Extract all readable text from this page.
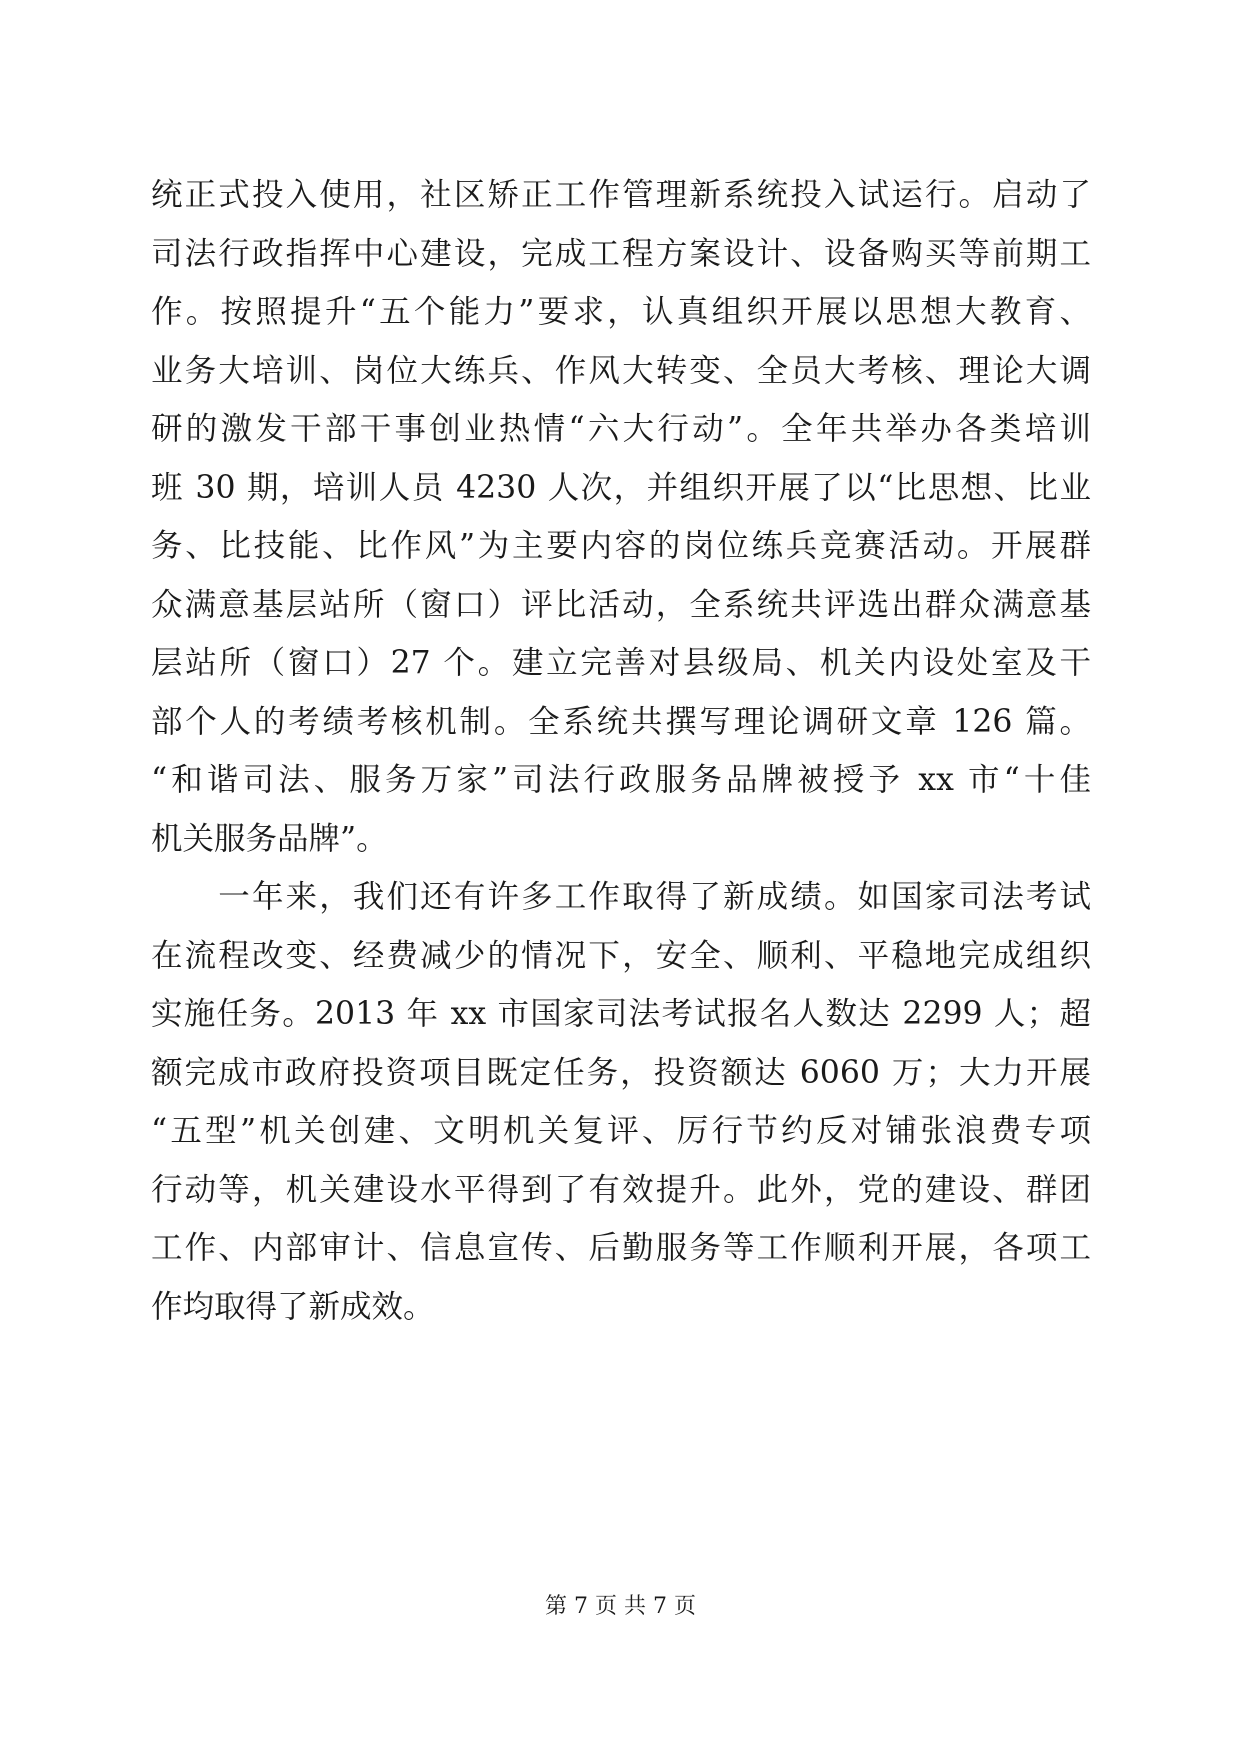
统正式投入使用，社区矫正工作管理新系统投入试运行。启动了
司法行政指挥中心建设，完成工程方案设计、设备购买等前期工
作。按照提升“五个能力”要求，认真组织开展以思想大教育、
业务大培训、岗位大练兵、作风大转变、全员大考核、理论大调
研的激发干部干事创业热情“六大行动”。全年共举办各类培训
班 30 期，培训人员 4230 人次，并组织开展了以“比思想、比业
务、比技能、比作风”为主要内容的岗位练兵竞赛活动。开展群
众满意基层站所（窗口）评比活动，全系统共评选出群众满意基
层站所（窗口）27 个。建立完善对县级局、机关内设处室及干
部个人的考绩考核机制。全系统共撰写理论调研文章 126 篇。
“和谐司法、服务万家”司法行政服务品牌被授予 xx 市“十佳
机关服务品牌”。
　　一年来，我们还有许多工作取得了新成绩。如国家司法考试
在流程改变、经费减少的情况下，安全、顺利、平稳地完成组织
实施任务。2013 年 xx 市国家司法考试报名人数达 2299 人；超
额完成市政府投资项目既定任务，投资额达 6060 万；大力开展
“五型”机关创建、文明机关复评、厉行节约反对铺张浪费专项
行动等，机关建设水平得到了有效提升。此外，党的建设、群团
工作、内部审计、信息宣传、后勤服务等工作顺利开展，各项工
作均取得了新成效。
第 7 页 共 7 页
